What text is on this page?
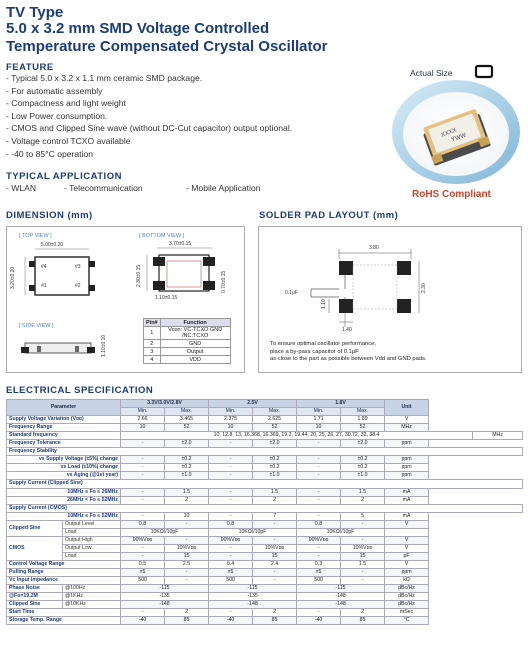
TV Type
5.0 x 3.2 mm SMD Voltage Controlled
Temperature Compensated Crystal Oscillator
FEATURE
- Typical 5.0 x 3.2 x 1.1 mm ceramic SMD package.
- For automatic assembly
- Compactness and light weight
- Low Power consumption.
- CMOS and Clipped Sine wave (without DC-Cut capacitor) output optional.
- Voltage control TCXO available
- -40 to 85°C operation
TYPICAL APPLICATION
- WLAN	- Telecommunication	- Mobile Application
XXXX
YWW
Actual Size
RoHS Compliant
DIMENSION (mm)	SOLDER PAD LAYOUT (mm)
[ TOP VIEW ]	[ BOTTOM VIEW ]
[ SIDE VIEW ]
5.00±0.20
3.20±0.20	#4	#3
#1	#2
3.70±0.15
2.30±0.15
1.10±0.15
0.70±0.15
1.10±0.10
Pin#	Function
1	Vcon: VC-TCXO GND /NC:TCXO
2	GND
3	Output
4	VDD
3.80
2.30
1.10
1.40
0.1μF
To ensure optimal oscillator performance,
place a by-pass capacitor of 0.1μF
as close to the part as possible between Vdd and GND pads.
ELECTRICAL SPECIFICATION
Parameter		3.3V/3.0V/2.8V		2.5V		1.8V		Unit	
		Min.	Max.	Min.	Max.	Min.	Max.		
Supply Voltage Variation (Vᴅᴅ)		2.66	3.465	2.375	2.625	1.71	1.89	V	
Frequency Range		10	52	10	52	10	52	MHz	
Standard frequency		10, 12.8, 13, 16.368, 16.369, 19.2, 19.44, 20, 25, 26, 27, 30.72, 32, 38.4							MHz
Frequency Tolerance		-	±2.0	-	±2.0	-	±2.0	ppm	
Frequency Stability									
vs Supply Voltage (±5%) change		-	±0.2	-	±0.2	-	±0.2	ppm	
vs Load (±10%) change		-	±0.2	-	±0.2	-	±0.2	ppm	
vs Aging (@1st year)		-	±1.0	-	±1.0	-	±1.0	ppm	
Supply Current (Clipped Sine)									
10MHz ≤ Fo ≤ 26MHz		-	1.5	-	1.5	-	1.5	mA	
26MHz < Fo ≤ 52MHz		-	2	-	2	-	2	mA	
Supply Current (CMOS)									
10MHz ≤ Fo ≤ 52MHz		-	10	-	7	-	5	mA	
Clipped Sine	Output Level	0.8	-	0.8	-	0.8	-	V	
	Load	10KΩ//10pF		10KΩ//10pF		10KΩ//10pF			
CMOS	Output High	90%Vᴅᴅ	-	90%Vᴅᴅ	-	90%Vᴅᴅ	-	V	
	Output Low	-	10%Vᴅᴅ	-	10%Vᴅᴅ	-	10%Vᴅᴅ	V	
	Load	-	15	-	15	-	15	pF	
Control Voltage Range		0.5	2.5	0.4	2.4	0.3	1.5	V	
Pulling Range		±5	-	±5	-	±5	-	ppm	
Vc Input Impedance		500	-	500	-	500	-	kΩ	
Phase Noise	@100Hz	-115		-115		-115		dBc/Hz	
@Fo=19.2M	@1KHz	-135		-135		-148		dBc/Hz	
Clipped Sine	@10KHz	-148		-148		-148		dBc/Hz	
Start Time		-	2	-	2	-	2	mSec	
Storage Temp. Range		-40	85	-40	85	-40	85	°C	
